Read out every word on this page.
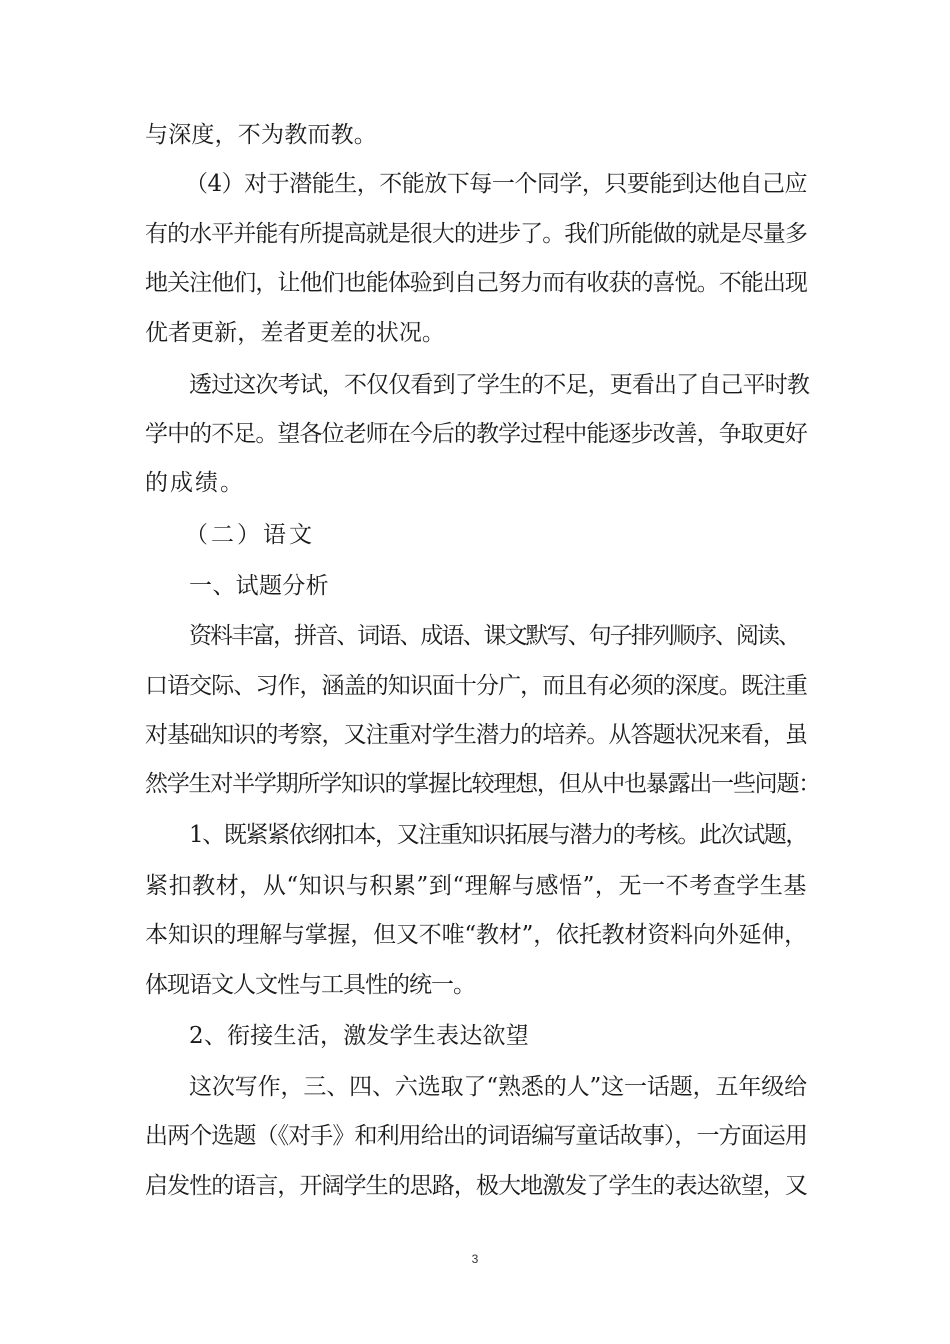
与深度，不为教而教。
（4）对于潜能生，不能放下每一个同学，只要能到达他自己应
有的水平并能有所提高就是很大的进步了。我们所能做的就是尽量多
地关注他们，让他们也能体验到自己努力而有收获的喜悦。不能出现
优者更新，差者更差的状况。
透过这次考试，不仅仅看到了学生的不足，更看出了自己平时教
学中的不足。望各位老师在今后的教学过程中能逐步改善，争取更好
的成绩。
（二）语文
一、试题分析
资料丰富，拼音、词语、成语、课文默写、句子排列顺序、阅读、
口语交际、习作，涵盖的知识面十分广，而且有必须的深度。既注重
对基础知识的考察，又注重对学生潜力的培养。从答题状况来看，虽
然学生对半学期所学知识的掌握比较理想，但从中也暴露出一些问题：
1、既紧紧依纲扣本，又注重知识拓展与潜力的考核。此次试题，
紧扣教材，从“知识与积累”到“理解与感悟”，无一不考查学生基
本知识的理解与掌握，但又不唯“教材”，依托教材资料向外延伸，
体现语文人文性与工具性的统一。
2、衔接生活，激发学生表达欲望
这次写作，三、四、六选取了“熟悉的人”这一话题，五年级给
出两个选题（《对手》和利用给出的词语编写童话故事），一方面运用
启发性的语言，开阔学生的思路，极大地激发了学生的表达欲望，又
3
